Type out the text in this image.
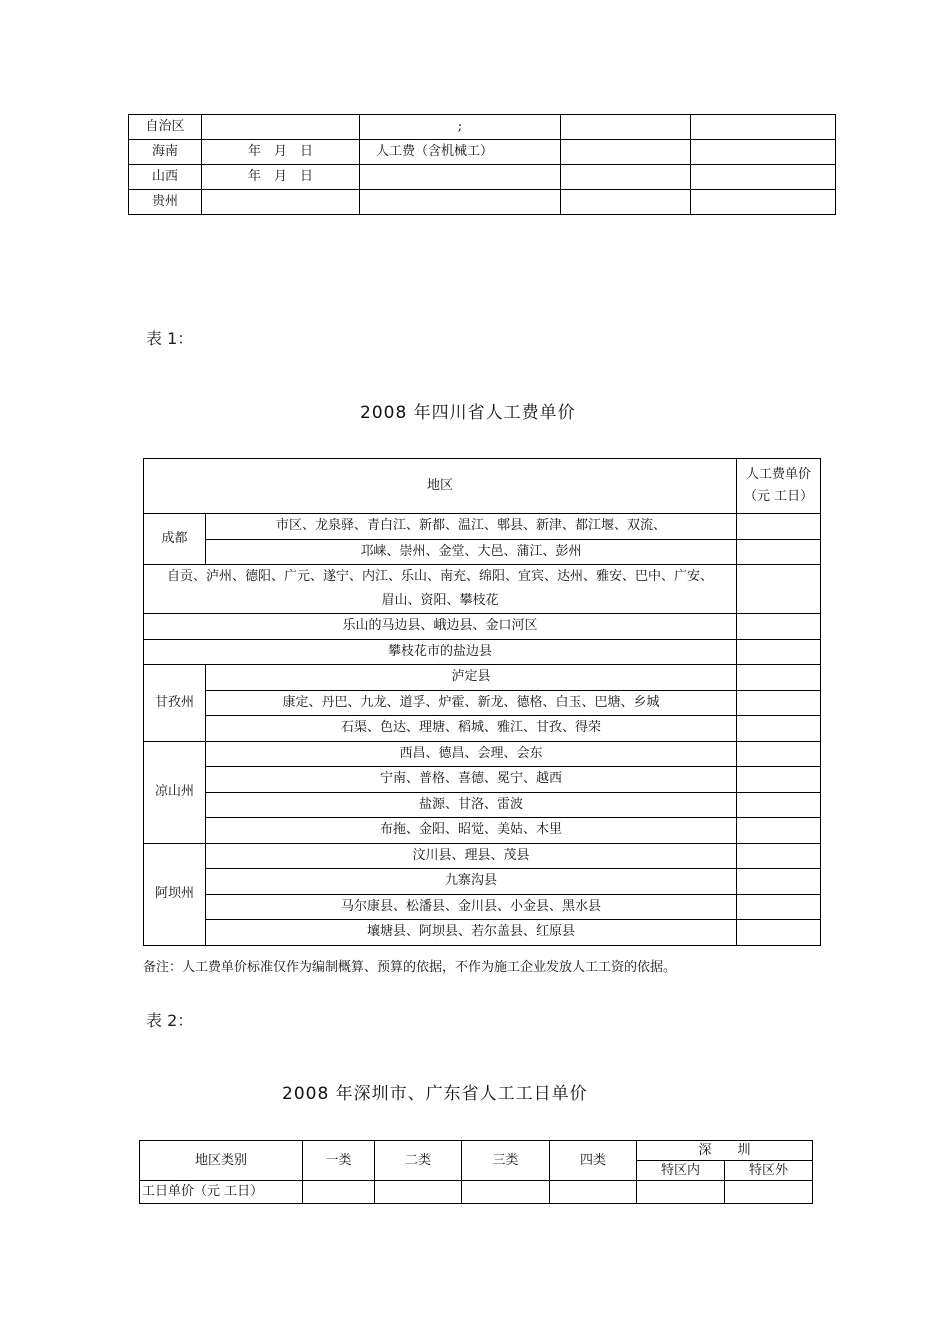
自治区		;		
海南	年　月　日	人工费（含机械工）		
山西	年　月　日			
贵州				
表 1：
2008 年四川省人工费单价
地区		人工费单价
（元 工日）
成都	市区、龙泉驿、青白江、新都、温江、郫县、新津、都江堰、双流、	
	邛崃、崇州、金堂、大邑、蒲江、彭州	
自贡、泸州、德阳、广元、遂宁、内江、乐山、南充、绵阳、宜宾、达州、雅安、巴中、广安、
眉山、资阳、攀枝花		
乐山的马边县、峨边县、金口河区		
攀枝花市的盐边县		
甘孜州	泸定县	
	康定、丹巴、九龙、道孚、炉霍、新龙、德格、白玉、巴塘、乡城	
	石渠、色达、理塘、稻城、雅江、甘孜、得荣	
凉山州	西昌、德昌、会理、会东	
	宁南、普格、喜德、冕宁、越西	
	盐源、甘洛、雷波	
	布拖、金阳、昭觉、美姑、木里	
阿坝州	汶川县、理县、茂县	
	九寨沟县	
	马尔康县、松潘县、金川县、小金县、黑水县	
	壤塘县、阿坝县、若尔盖县、红原县	
备注：人工费单价标准仅作为编制概算、预算的依据，不作为施工企业发放人工工资的依据。
表 2：
2008 年深圳市、广东省人工工日单价
地区类别	一类	二类	三类	四类	深　　圳	
					特区内	特区外
工日单价（元 工日）						
